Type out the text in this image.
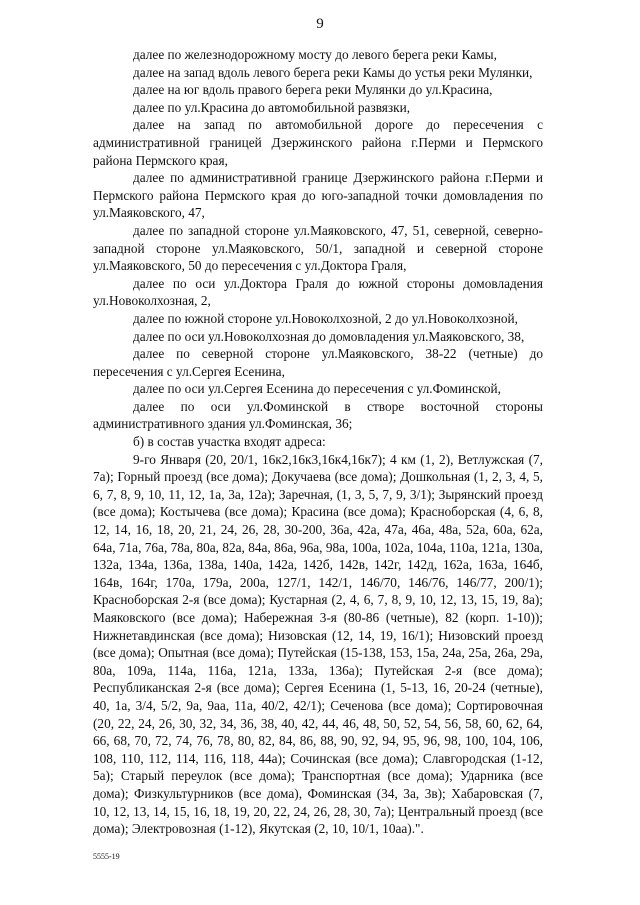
9

далее по железнодорожному мосту до левого берега реки Камы,

далее на запад вдоль левого берега реки Камы до устья реки Мулянки,

далее на юг вдоль правого берега реки Мулянки до ул.Красина,

далее по ул.Красина до автомобильной развязки,

далее на запад по автомобильной дороге до пересечения с административной границей Дзержинского района г.Перми и Пермского района Пермского края,

далее по административной границе Дзержинского района г.Перми и Пермского района Пермского края до юго-западной точки домовладения по ул.Маяковского, 47,

далее по западной стороне ул.Маяковского, 47, 51, северной, северно-западной стороне ул.Маяковского, 50/1, западной и северной стороне ул.Маяковского, 50 до пересечения с ул.Доктора Граля,

далее по оси ул.Доктора Граля до южной стороны домовладения ул.Новоколхозная, 2,

далее по южной стороне ул.Новоколхозной, 2 до ул.Новоколхозной,

далее по оси ул.Новоколхозная до домовладения ул.Маяковского, 38,

далее по северной стороне ул.Маяковского, 38-22 (четные) до пересечения с ул.Сергея Есенина,

далее по оси ул.Сергея Есенина до пересечения с ул.Фоминской,

далее по оси ул.Фоминской в створе восточной стороны административного здания ул.Фоминская, 36;

б) в состав участка входят адреса:

9-го Января (20, 20/1, 16к2,16к3,16к4,16к7); 4 км (1, 2), Ветлужская (7, 7а); Горный проезд (все дома); Докучаева (все дома); Дошкольная (1, 2, 3, 4, 5, 6, 7, 8, 9, 10, 11, 12, 1а, 3а, 12а); Заречная, (1, 3, 5, 7, 9, 3/1); Зырянский проезд (все дома); Костычева (все дома); Красина (все дома); Красноборская (4, 6, 8, 12, 14, 16, 18, 20, 21, 24, 26, 28, 30-200, 36а, 42а, 47а, 46а, 48а, 52а, 60а, 62а, 64а, 71а, 76а, 78а, 80а, 82а, 84а, 86а, 96а, 98а, 100а, 102а, 104а, 110а, 121а, 130а, 132а, 134а, 136а, 138а, 140а, 142а, 142б, 142в, 142г, 142д, 162а, 163а, 164б, 164в, 164г, 170а, 179а, 200а, 127/1, 142/1, 146/70, 146/76, 146/77, 200/1); Красноборская 2-я (все дома); Кустарная (2, 4, 6, 7, 8, 9, 10, 12, 13, 15, 19, 8а); Маяковского (все дома); Набережная 3-я (80-86 (четные), 82 (корп. 1-10)); Нижнетавдинская (все дома); Низовская (12, 14, 19, 16/1); Низовский проезд (все дома); Опытная (все дома); Путейская (15-138, 153, 15а, 24а, 25а, 26а, 29а, 80а, 109а, 114а, 116а, 121а, 133а, 136а); Путейская 2-я (все дома); Республиканская 2-я (все дома); Сергея Есенина (1, 5-13, 16, 20-24 (четные), 40, 1а, 3/4, 5/2, 9а, 9аа, 11а, 40/2, 42/1); Сеченова (все дома); Сортировочная (20, 22, 24, 26, 30, 32, 34, 36, 38, 40, 42, 44, 46, 48, 50, 52, 54, 56, 58, 60, 62, 64, 66, 68, 70, 72, 74, 76, 78, 80, 82, 84, 86, 88, 90, 92, 94, 95, 96, 98, 100, 104, 106, 108, 110, 112, 114, 116, 118, 44а); Сочинская (все дома); Славгородская (1-12, 5а); Старый переулок (все дома); Транспортная (все дома); Ударника (все дома); Физкультурников (все дома), Фоминская (34, 3а, 3в); Хабаровская (7, 10, 12, 13, 14, 15, 16, 18, 19, 20, 22, 24, 26, 28, 30, 7а); Центральный проезд (все дома); Электровозная (1-12), Якутская (2, 10, 10/1, 10аа).".

5555-19
